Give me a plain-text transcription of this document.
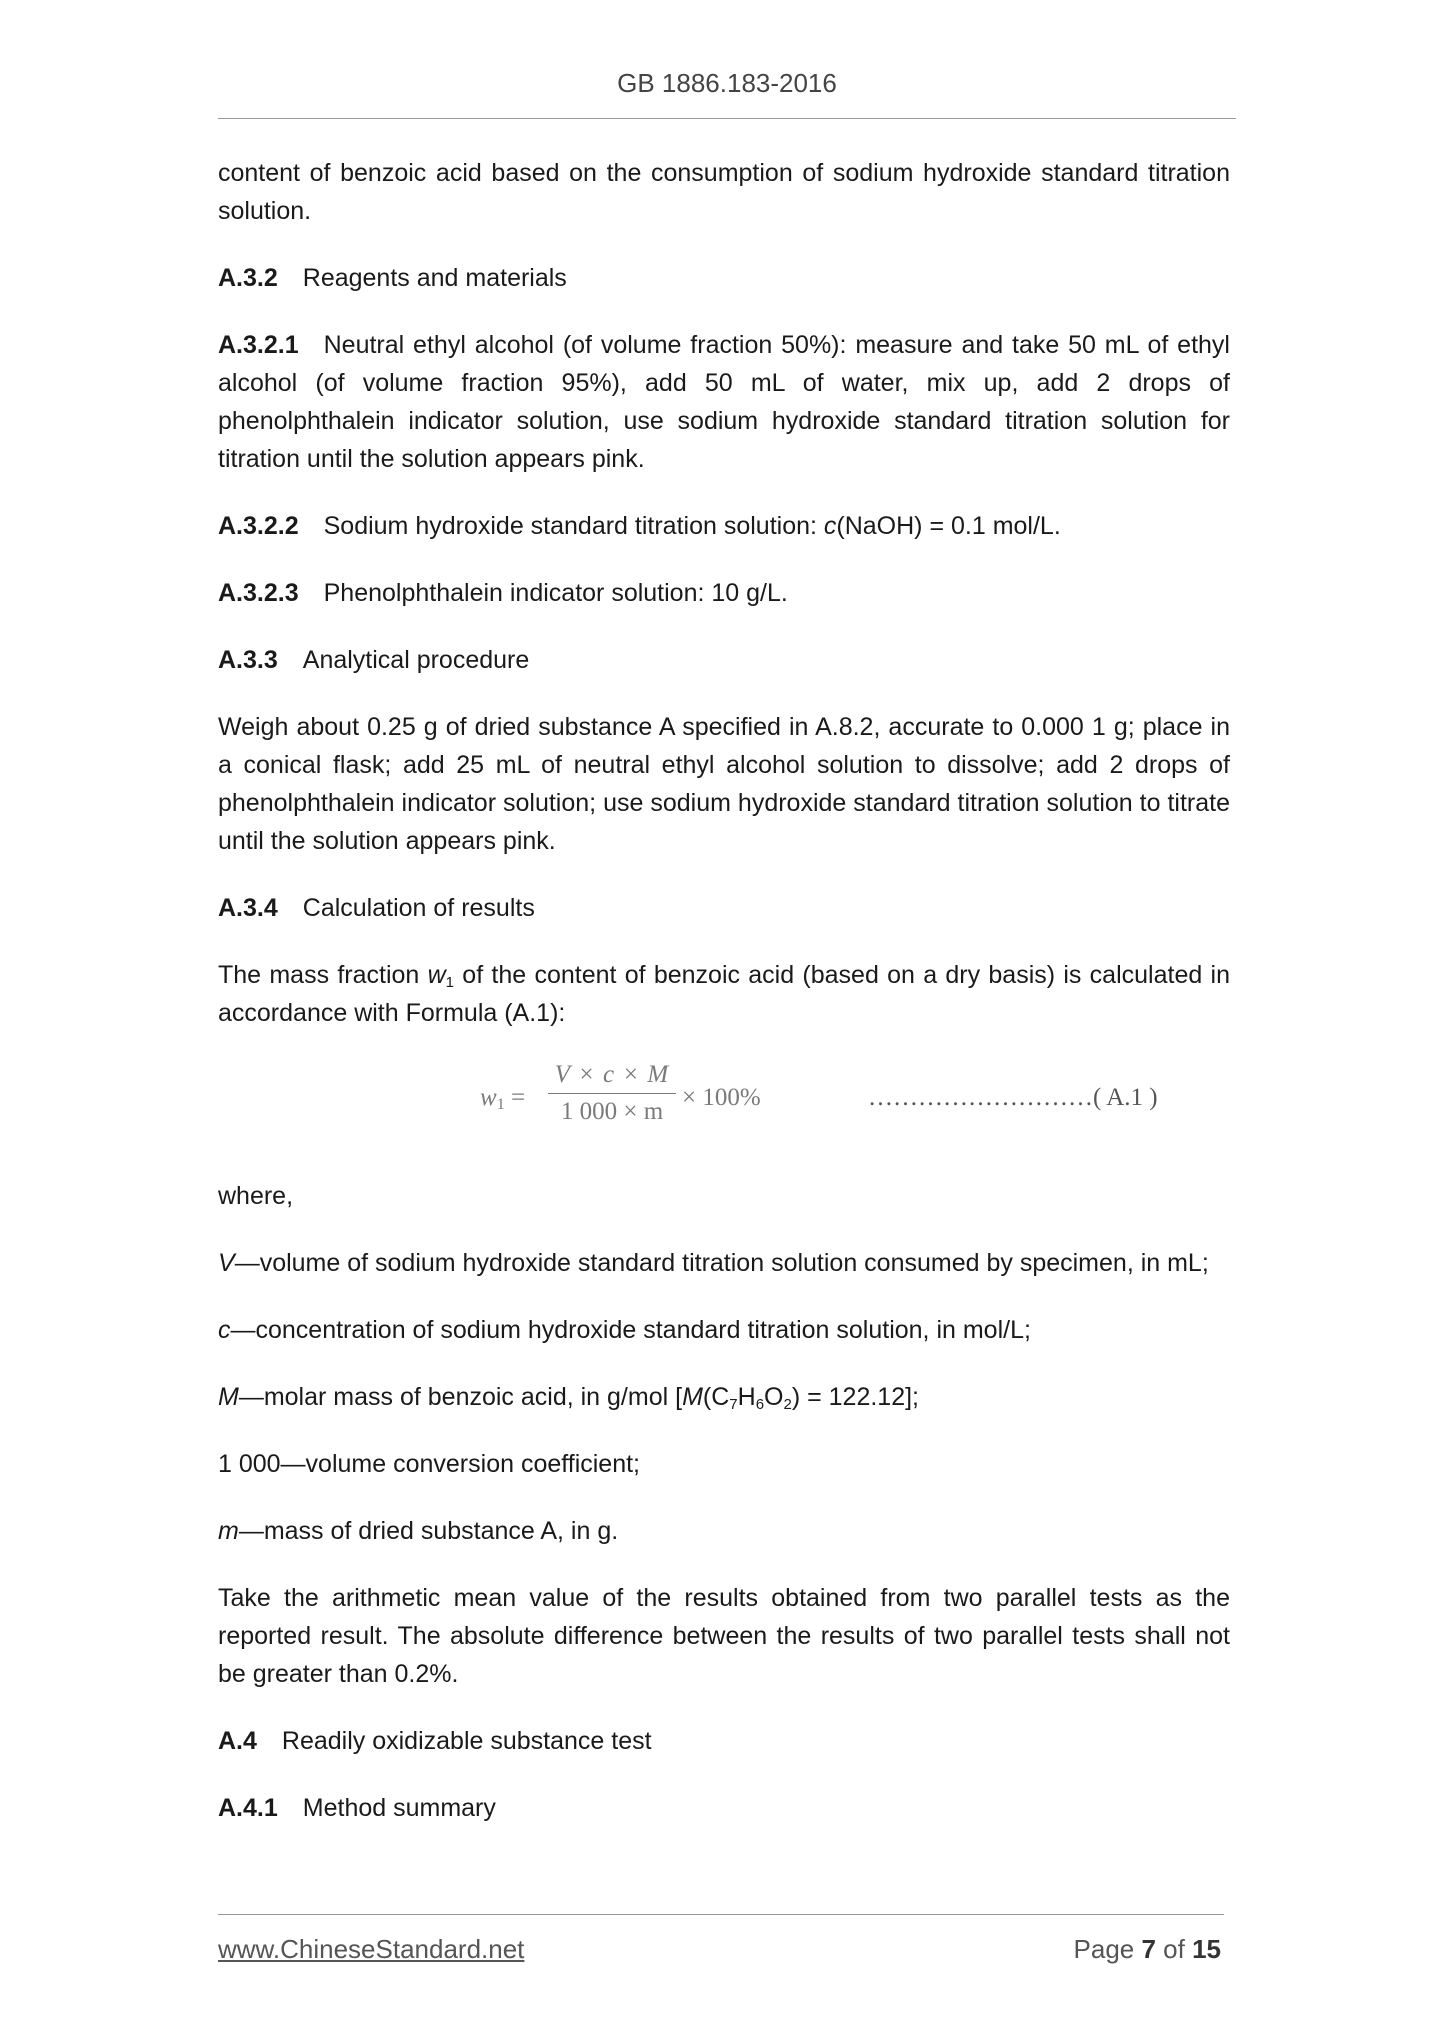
GB 1886.183-2016

content of benzoic acid based on the consumption of sodium hydroxide standard titration solution.

A.3.2 Reagents and materials

A.3.2.1 Neutral ethyl alcohol (of volume fraction 50%): measure and take 50 mL of ethyl alcohol (of volume fraction 95%), add 50 mL of water, mix up, add 2 drops of phenolphthalein indicator solution, use sodium hydroxide standard titration solution for titration until the solution appears pink.

A.3.2.2 Sodium hydroxide standard titration solution: c(NaOH) = 0.1 mol/L.

A.3.2.3 Phenolphthalein indicator solution: 10 g/L.

A.3.3 Analytical procedure

Weigh about 0.25 g of dried substance A specified in A.8.2, accurate to 0.000 1 g; place in a conical flask; add 25 mL of neutral ethyl alcohol solution to dissolve; add 2 drops of phenolphthalein indicator solution; use sodium hydroxide standard titration solution to titrate until the solution appears pink.

A.3.4 Calculation of results

The mass fraction $w_1$ of the content of benzoic acid (based on a dry basis) is calculated in accordance with Formula (A.1):

$w_1$ =
V × c × M
1 000 × m
× 100%	………………………( A.1 )

where,

V—volume of sodium hydroxide standard titration solution consumed by specimen, in mL;

c—concentration of sodium hydroxide standard titration solution, in mol/L;

M—molar mass of benzoic acid, in g/mol $[M(C_7H_6O_2) = 122.12]$;

1 000—volume conversion coefficient;

m—mass of dried substance A, in g.

Take the arithmetic mean value of the results obtained from two parallel tests as the reported result. The absolute difference between the results of two parallel tests shall not be greater than 0.2%.

A.4 Readily oxidizable substance test

A.4.1 Method summary

www.ChineseStandard.net	Page 7 of 15
